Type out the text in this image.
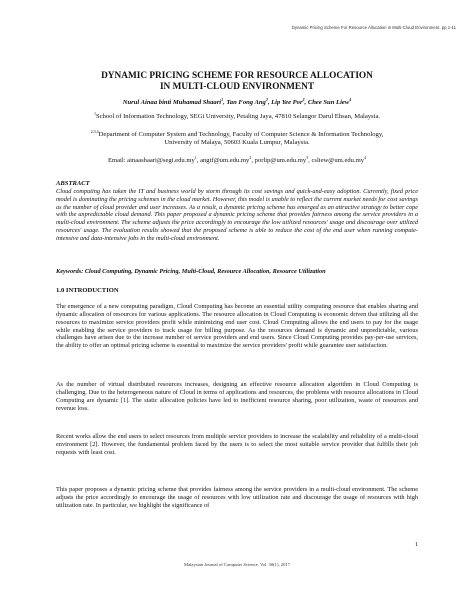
Dynamic Pricing Scheme For Resource Allocation in Multi-Cloud Environment. pp 1-11
DYNAMIC PRICING SCHEME FOR RESOURCE ALLOCATION
IN MULTI-CLOUD ENVIRONMENT
Nurul Ainaa binti Muhamad Shaari$^1$, Tan Fong Ang$^2$, Lip Yee Por$^3$, Chee Sun Liew$^4$
$^1$School of Information Technology, SEGi University, Petaling Jaya, 47810 Selangor Darul Ehsan, Malaysia.
$^{2,3,4}$Department of Computer System and Technology, Faculty of Computer Science & Information Technology,
University of Malaya, 50603 Kuala Lumpur, Malaysia.
Email: $ainaashaari@segi.edu.my^1$, $angtf@um.edu.my^2$, $porlip@um.edu.my^3$, $csliew@um.edu.my^4$
ABSTRACT
Cloud computing has taken the IT and business world by storm through its cost savings and quick-and-easy adoption. Currently, fixed price model is dominating the pricing schemes in the cloud market. However, this model is unable to reflect the current market needs for cost savings as the number of cloud provider and user increases. As a result, a dynamic pricing scheme has emerged as an attractive strategy to better cope with the unpredictable cloud demand. This paper proposed a dynamic pricing scheme that provides fairness among the service providers in a multi-cloud environment. The scheme adjusts the price accordingly to encourage the low utilized resources' usage and discourage over utilized resources' usage. The evaluation results showed that the proposed scheme is able to reduce the cost of the end user when running compute-intensive and data-intensive jobs in the multi-cloud environment.
Keywords: Cloud Computing, Dynamic Pricing, Multi-Cloud, Resource Allocation, Resource Utilization
1.0 INTRODUCTION
The emergence of a new computing paradigm, Cloud Computing has become an essential utility computing resource that enables sharing and dynamic allocation of resources for various applications. The resource allocation in Cloud Computing is economic driven that utilizing all the resources to maximize service providers profit while minimizing end user cost. Cloud Computing allows the end users to pay for the usage while enabling the service providers to track usage for billing purpose. As the resources demand is dynamic and unpredictable, various challenges have arisen due to the increase number of service providers and end users. Since Cloud Computing provides pay-per-use services, the ability to offer an optimal pricing scheme is essential to maximize the service providers' profit while guarantee user satisfaction.
As the number of virtual distributed resources increases, designing an effective resource allocation algorithm in Cloud Computing is challenging. Due to the heterogeneous nature of Cloud in terms of applications and resources, the problems with resource allocations in Cloud Computing are dynamic [1]. The static allocation policies have led to inefficient resource sharing, poor utilization, waste of resources and revenue loss.
Recent works allow the end users to select resources from multiple service providers to increase the scalability and reliability of a multi-cloud environment [2]. However, the fundamental problem faced by the users is to select the most suitable service provider that fulfills their job requests with least cost.
This paper proposes a dynamic pricing scheme that provides fairness among the service providers in a multi-cloud environment. The scheme adjusts the price accordingly to encourage the usage of resources with low utilization rate and discourage the usage of resources with high utilization rate. In particular, we highlight the significance of
1
Malaysian Journal of Computer Science. Vol. 30(1), 2017
